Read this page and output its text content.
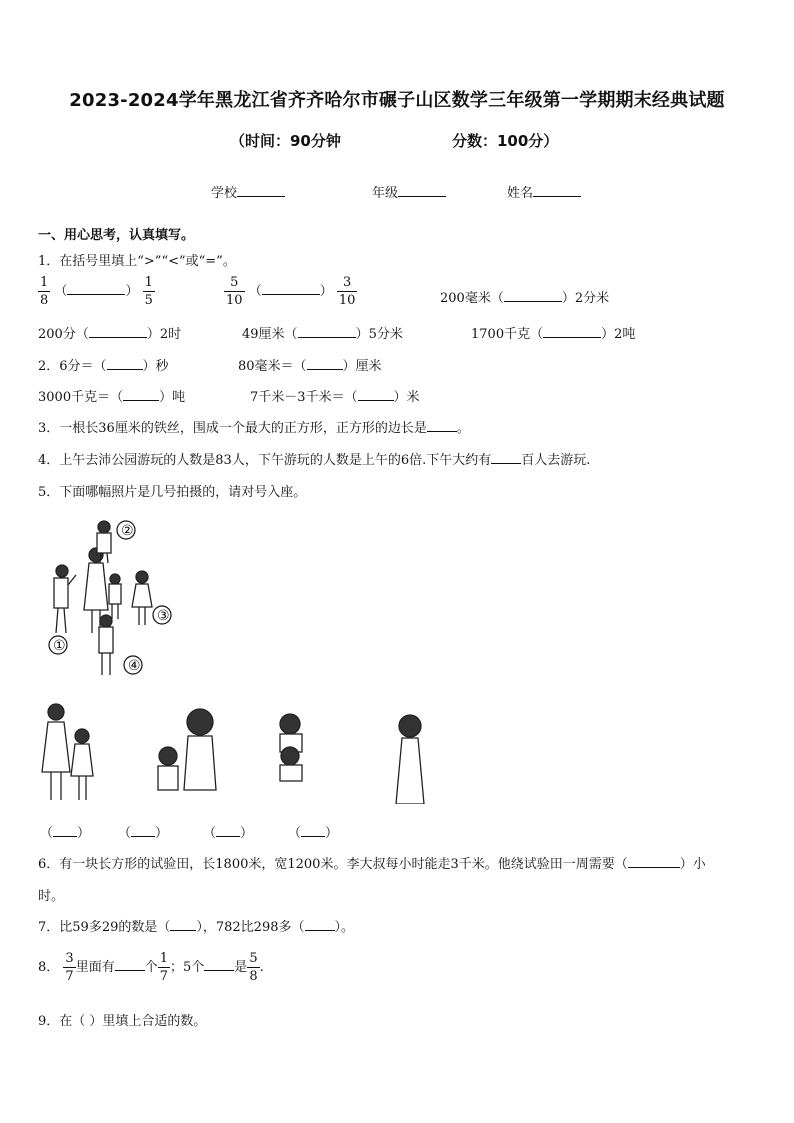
2023-2024学年黑龙江省齐齐哈尔市碾子山区数学三年级第一学期期末经典试题
（时间：90分钟	分数：100分）
学校	年级	姓名
一、用心思考，认真填写。
1．在括号里填上“>”“<”或“=”。
$\frac{1}{8}$ （	） $\frac{1}{5}$	$\frac{5}{10}$ （	） $\frac{3}{10}$	200毫米（	）2分米
200分（	）2时	49厘米（	）5分米	1700千克（	）2吨
2．6分＝（	）秒	80毫米＝（	）厘米
3000千克＝（	）吨	7千米－3千米＝（	）米
3．一根长36厘米的铁丝，围成一个最大的正方形，正方形的边长是 。
4．上午去沛公园游玩的人数是83人，下午游玩的人数是上午的6倍.下午大约有 百人去游玩.
5．下面哪幅照片是几号拍摄的，请对号入座。
②
③
①
④
（ ） （ ）	（ ）	（ ）
6．有一块长方形的试验田，长1800米，宽1200米。李大叔每小时能走3千米。他绕试验田一周需要（	）小
时。
7．比59多29的数是（ ），782比298多（ ）。
8． $\frac{3}{7}$ 里面有 个 $\frac{1}{7}$ ；5个 是 $\frac{5}{8}$ .
9．在（ ）里填上合适的数。
